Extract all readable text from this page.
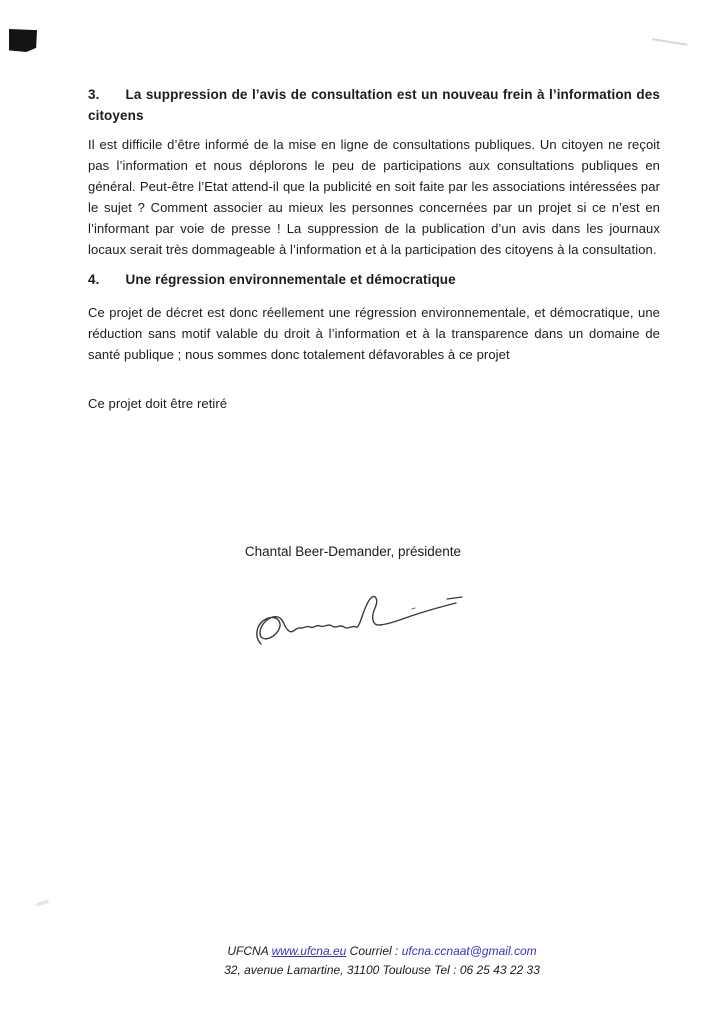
3. La suppression de l’avis de consultation est un nouveau frein à l’information des citoyens
Il est difficile d’être informé de la mise en ligne de consultations publiques. Un citoyen ne reçoit pas l’information et nous déplorons le peu de participations aux consultations publiques en général. Peut-être l’Etat attend-il que la publicité en soit faite par les associations intéressées par le sujet ? Comment associer au mieux les personnes concernées par un projet si ce n’est en l’informant par voie de presse ! La suppression de la publication d’un avis dans les journaux locaux serait très dommageable à l’information et à la participation des citoyens à la consultation.
4. Une régression environnementale et démocratique
Ce projet de décret est donc réellement une régression environnementale, et démocratique, une réduction sans motif valable du droit à l’information et à la transparence dans un domaine de santé publique ; nous sommes donc totalement défavorables à ce projet
Ce projet doit être retiré
Chantal Beer-Demander, présidente
UFCNA www.ufcna.eu Courriel : ufcna.ccnaat@gmail.com
32, avenue Lamartine, 31100 Toulouse Tel : 06 25 43 22 33
